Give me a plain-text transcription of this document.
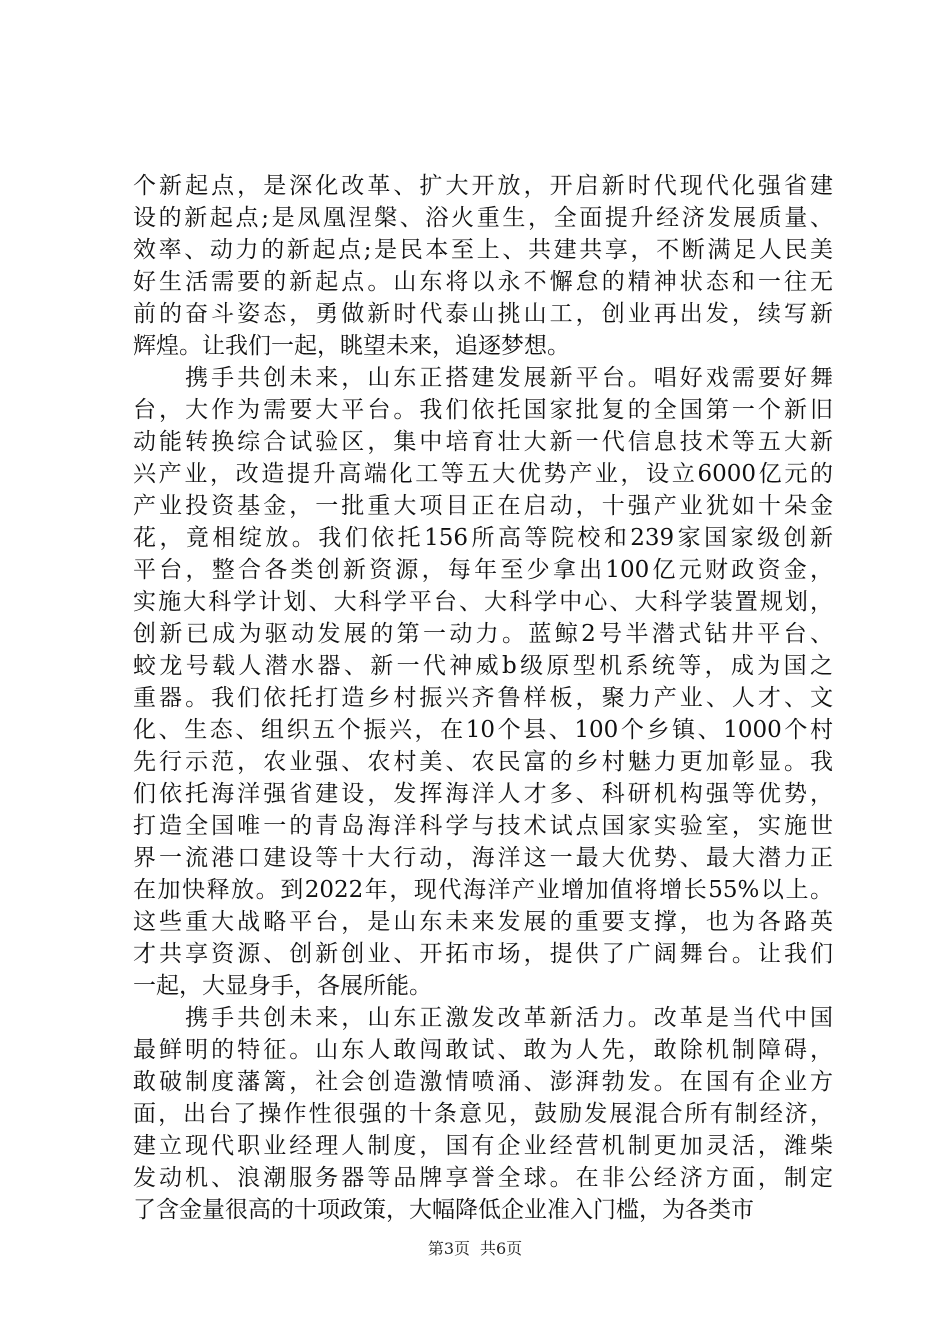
个新起点，是深化改革、扩大开放，开启新时代现代化强省建
设的新起点;是凤凰涅槃、浴火重生，全面提升经济发展质量、
效率、动力的新起点;是民本至上、共建共享，不断满足人民美
好生活需要的新起点。山东将以永不懈怠的精神状态和一往无
前的奋斗姿态，勇做新时代泰山挑山工，创业再出发，续写新
辉煌。让我们一起，眺望未来，追逐梦想。
　　携手共创未来，山东正搭建发展新平台。唱好戏需要好舞
台，大作为需要大平台。我们依托国家批复的全国第一个新旧
动能转换综合试验区，集中培育壮大新一代信息技术等五大新
兴产业，改造提升高端化工等五大优势产业，设立6000亿元的
产业投资基金，一批重大项目正在启动，十强产业犹如十朵金
花，竟相绽放。我们依托156所高等院校和239家国家级创新
平台，整合各类创新资源，每年至少拿出100亿元财政资金，
实施大科学计划、大科学平台、大科学中心、大科学装置规划，
创新已成为驱动发展的第一动力。蓝鲸2号半潜式钻井平台、
蛟龙号载人潜水器、新一代神威b级原型机系统等，成为国之
重器。我们依托打造乡村振兴齐鲁样板，聚力产业、人才、文
化、生态、组织五个振兴，在10个县、100个乡镇、1000个村
先行示范，农业强、农村美、农民富的乡村魅力更加彰显。我
们依托海洋强省建设，发挥海洋人才多、科研机构强等优势，
打造全国唯一的青岛海洋科学与技术试点国家实验室，实施世
界一流港口建设等十大行动，海洋这一最大优势、最大潜力正
在加快释放。到2022年，现代海洋产业增加值将增长55%以上。
这些重大战略平台，是山东未来发展的重要支撑，也为各路英
才共享资源、创新创业、开拓市场，提供了广阔舞台。让我们
一起，大显身手，各展所能。
　　携手共创未来，山东正激发改革新活力。改革是当代中国
最鲜明的特征。山东人敢闯敢试、敢为人先，敢除机制障碍，
敢破制度藩篱，社会创造激情喷涌、澎湃勃发。在国有企业方
面，出台了操作性很强的十条意见，鼓励发展混合所有制经济，
建立现代职业经理人制度，国有企业经营机制更加灵活，潍柴
发动机、浪潮服务器等品牌享誉全球。在非公经济方面，制定
了含金量很高的十项政策，大幅降低企业准入门槛，为各类市
第3页 共6页
